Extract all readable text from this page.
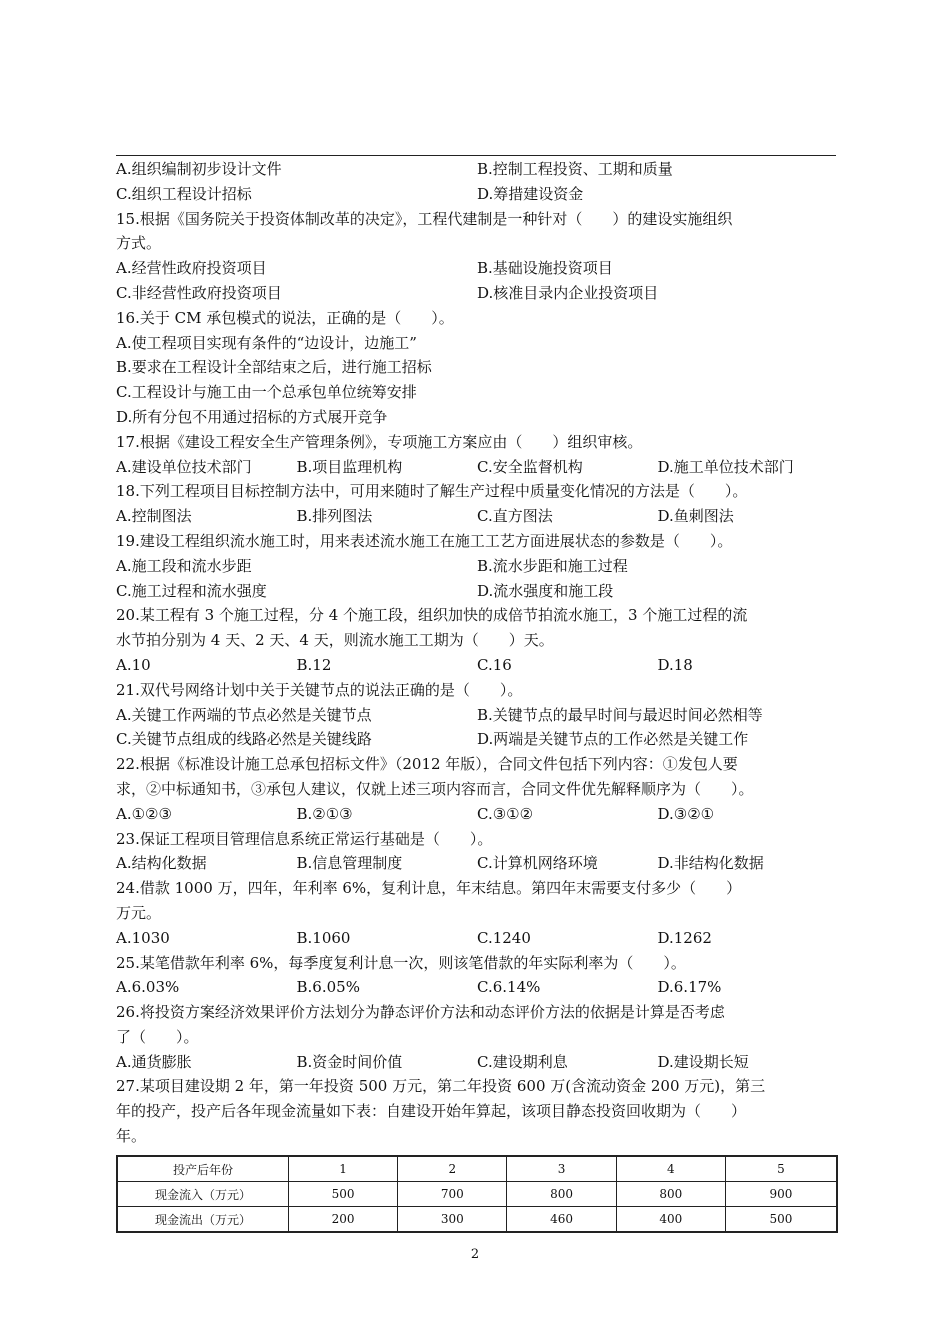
A.组织编制初步设计文件	B.控制工程投资、工期和质量
C.组织工程设计招标	D.筹措建设资金
15.根据《国务院关于投资体制改革的决定》，工程代建制是一种针对（　　）的建设实施组织
方式。
A.经营性政府投资项目	B.基础设施投资项目
C.非经营性政府投资项目	D.核准目录内企业投资项目
16.关于 CM 承包模式的说法，正确的是（　　）。
A.使工程项目实现有条件的“边设计，边施工”
B.要求在工程设计全部结束之后，进行施工招标
C.工程设计与施工由一个总承包单位统筹安排
D.所有分包不用通过招标的方式展开竞争
17.根据《建设工程安全生产管理条例》，专项施工方案应由（　　）组织审核。
A.建设单位技术部门	B.项目监理机构	C.安全监督机构	D.施工单位技术部门
18.下列工程项目目标控制方法中，可用来随时了解生产过程中质量变化情况的方法是（　　）。
A.控制图法	B.排列图法	C.直方图法	D.鱼刺图法
19.建设工程组织流水施工时，用来表述流水施工在施工工艺方面进展状态的参数是（　　）。
A.施工段和流水步距	B.流水步距和施工过程
C.施工过程和流水强度	D.流水强度和施工段
20.某工程有 3 个施工过程，分 4 个施工段，组织加快的成倍节拍流水施工，3 个施工过程的流
水节拍分别为 4 天、2 天、4 天，则流水施工工期为（　　）天。
A.10	B.12	C.16	D.18
21.双代号网络计划中关于关键节点的说法正确的是（　　）。
A.关键工作两端的节点必然是关键节点	B.关键节点的最早时间与最迟时间必然相等
C.关键节点组成的线路必然是关键线路	D.两端是关键节点的工作必然是关键工作
22.根据《标准设计施工总承包招标文件》（2012 年版），合同文件包括下列内容：①发包人要
求，②中标通知书，③承包人建议，仅就上述三项内容而言，合同文件优先解释顺序为（　　）。
A.①②③	B.②①③	C.③①②	D.③②①
23.保证工程项目管理信息系统正常运行基础是（　　）。
A.结构化数据	B.信息管理制度	C.计算机网络环境	D.非结构化数据
24.借款 1000 万，四年，年利率 6%，复利计息，年末结息。第四年末需要支付多少（　　）
万元。
A.1030	B.1060	C.1240	D.1262
25.某笔借款年利率 6%，每季度复利计息一次，则该笔借款的年实际利率为（　　）。
A.6.03%	B.6.05%	C.6.14%	D.6.17%
26.将投资方案经济效果评价方法划分为静态评价方法和动态评价方法的依据是计算是否考虑
了（　　）。
A.通货膨胀	B.资金时间价值	C.建设期利息	D.建设期长短
27.某项目建设期 2 年，第一年投资 500 万元，第二年投资 600 万(含流动资金 200 万元)，第三
年的投产，投产后各年现金流量如下表：自建设开始年算起，该项目静态投资回收期为（　　）
年。
投产后年份	1	2	3	4	5
现金流入（万元）	500	700	800	800	900
现金流出（万元）	200	300	460	400	500
2
